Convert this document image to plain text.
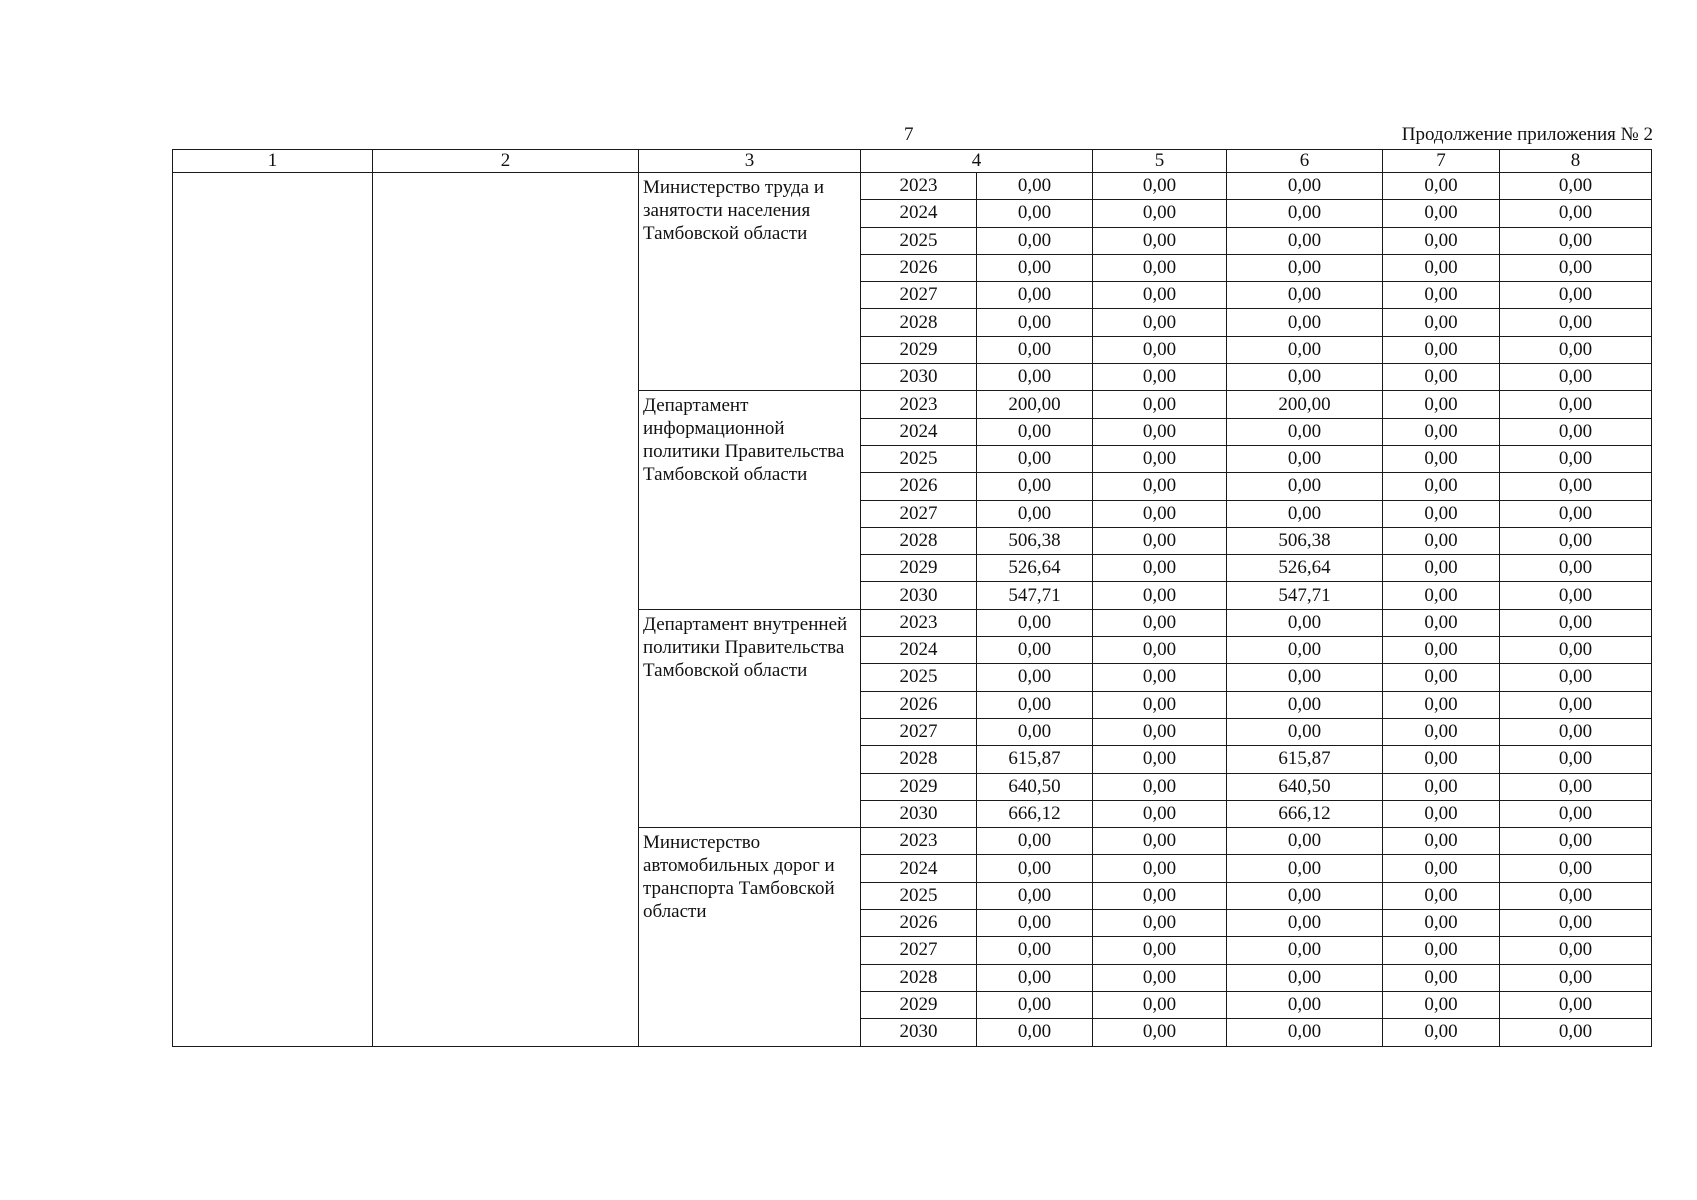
7	Продолжение приложения № 2
1	2	3	4		5	6	7	8
		Министерство труда и занятости населения Тамбовской области	2023	0,00	0,00	0,00	0,00	0,00
			2024	0,00	0,00	0,00	0,00	0,00
			2025	0,00	0,00	0,00	0,00	0,00
			2026	0,00	0,00	0,00	0,00	0,00
			2027	0,00	0,00	0,00	0,00	0,00
			2028	0,00	0,00	0,00	0,00	0,00
			2029	0,00	0,00	0,00	0,00	0,00
			2030	0,00	0,00	0,00	0,00	0,00
		Департамент информационной политики Правительства Тамбовской области	2023	200,00	0,00	200,00	0,00	0,00
			2024	0,00	0,00	0,00	0,00	0,00
			2025	0,00	0,00	0,00	0,00	0,00
			2026	0,00	0,00	0,00	0,00	0,00
			2027	0,00	0,00	0,00	0,00	0,00
			2028	506,38	0,00	506,38	0,00	0,00
			2029	526,64	0,00	526,64	0,00	0,00
			2030	547,71	0,00	547,71	0,00	0,00
		Департамент внутренней политики Правительства Тамбовской области	2023	0,00	0,00	0,00	0,00	0,00
			2024	0,00	0,00	0,00	0,00	0,00
			2025	0,00	0,00	0,00	0,00	0,00
			2026	0,00	0,00	0,00	0,00	0,00
			2027	0,00	0,00	0,00	0,00	0,00
			2028	615,87	0,00	615,87	0,00	0,00
			2029	640,50	0,00	640,50	0,00	0,00
			2030	666,12	0,00	666,12	0,00	0,00
		Министерство автомобильных дорог и транспорта Тамбовской области	2023	0,00	0,00	0,00	0,00	0,00
			2024	0,00	0,00	0,00	0,00	0,00
			2025	0,00	0,00	0,00	0,00	0,00
			2026	0,00	0,00	0,00	0,00	0,00
			2027	0,00	0,00	0,00	0,00	0,00
			2028	0,00	0,00	0,00	0,00	0,00
			2029	0,00	0,00	0,00	0,00	0,00
			2030	0,00	0,00	0,00	0,00	0,00
